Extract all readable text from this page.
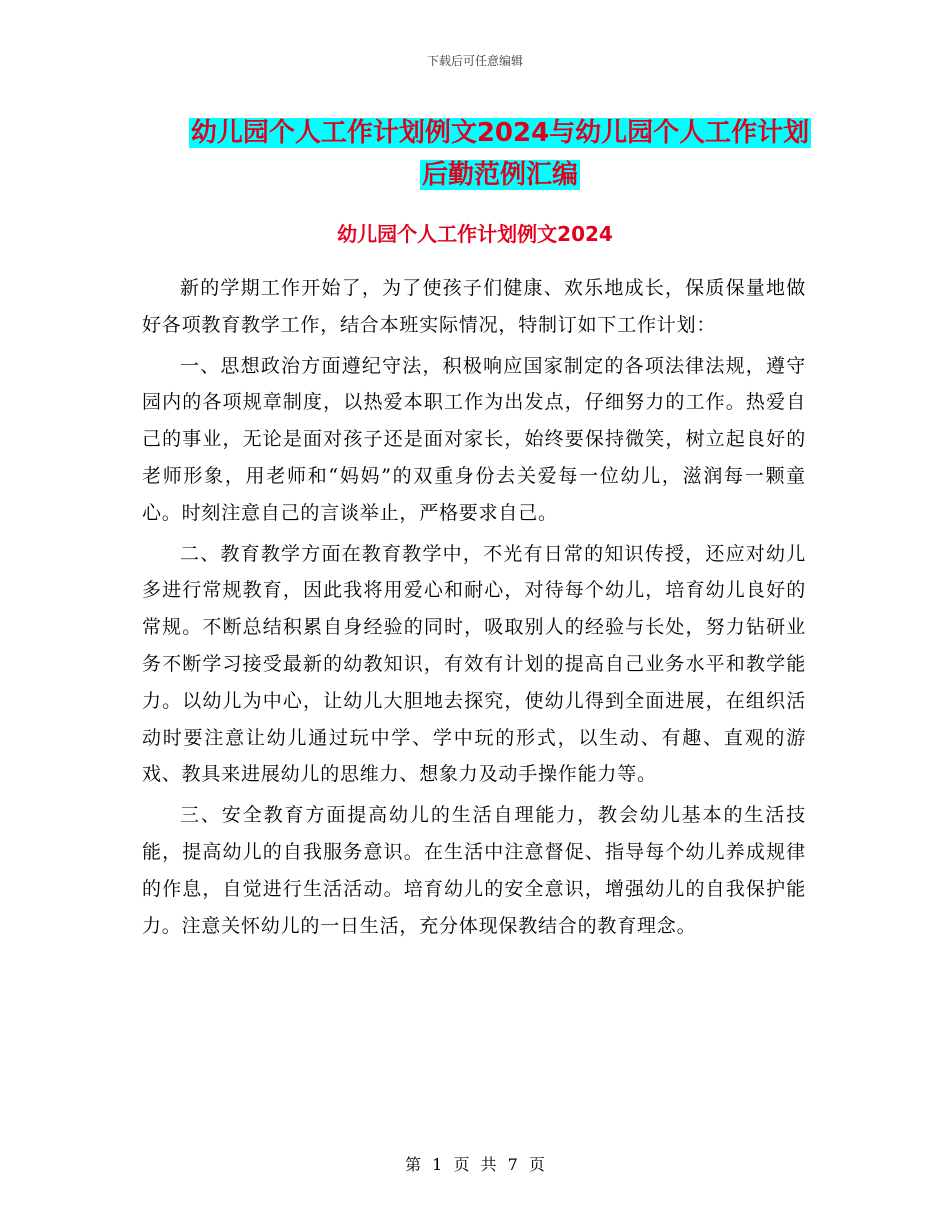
下载后可任意编辑
幼儿园个人工作计划例文2024与幼儿园个人工作计划
后勤范例汇编
幼儿园个人工作计划例文2024

新的学期工作开始了，为了使孩子们健康、欢乐地成长，保质保量地做好各项教育教学工作，结合本班实际情况，特制订如下工作计划：

一、思想政治方面遵纪守法，积极响应国家制定的各项法律法规，遵守园内的各项规章制度，以热爱本职工作为出发点，仔细努力的工作。热爱自己的事业，无论是面对孩子还是面对家长，始终要保持微笑，树立起良好的老师形象，用老师和“妈妈”的双重身份去关爱每一位幼儿，滋润每一颗童心。时刻注意自己的言谈举止，严格要求自己。

二、教育教学方面在教育教学中，不光有日常的知识传授，还应对幼儿多进行常规教育，因此我将用爱心和耐心，对待每个幼儿，培育幼儿良好的常规。不断总结积累自身经验的同时，吸取别人的经验与长处，努力钻研业务不断学习接受最新的幼教知识，有效有计划的提高自己业务水平和教学能力。以幼儿为中心，让幼儿大胆地去探究，使幼儿得到全面进展，在组织活动时要注意让幼儿通过玩中学、学中玩的形式，以生动、有趣、直观的游戏、教具来进展幼儿的思维力、想象力及动手操作能力等。

三、安全教育方面提高幼儿的生活自理能力，教会幼儿基本的生活技能，提高幼儿的自我服务意识。在生活中注意督促、指导每个幼儿养成规律的作息，自觉进行生活活动。培育幼儿的安全意识，增强幼儿的自我保护能力。注意关怀幼儿的一日生活，充分体现保教结合的教育理念。

第 1 页 共 7 页
